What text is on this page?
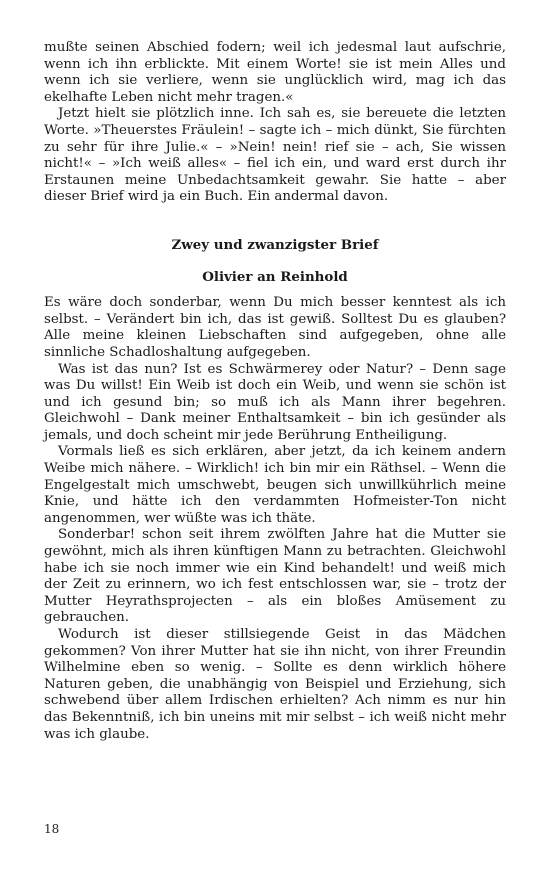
mußte seinen Abschied fodern; weil ich jedesmal laut aufschrie, wenn ich ihn erblickte. Mit einem Worte! sie ist mein Alles und wenn ich sie verliere, wenn sie unglücklich wird, mag ich das ekelhafte Leben nicht mehr tragen.«

Jetzt hielt sie plötzlich inne. Ich sah es, sie bereuete die letzten Worte. »Theuerstes Fräulein! – sagte ich – mich dünkt, Sie fürchten zu sehr für ihre Julie.« – »Nein! nein! rief sie – ach, Sie wissen nicht!« – »Ich weiß alles« – fiel ich ein, und ward erst durch ihr Erstaunen meine Unbedachtsamkeit gewahr. Sie hatte – aber dieser Brief wird ja ein Buch. Ein andermal davon.

Zwey und zwanzigster Brief
Olivier an Reinhold

Es wäre doch sonderbar, wenn Du mich besser kenntest als ich selbst. – Verändert bin ich, das ist gewiß. Solltest Du es glauben? Alle meine kleinen Liebschaften sind aufgegeben, ohne alle sinnliche Schadloshaltung aufgegeben.

Was ist das nun? Ist es Schwärmerey oder Natur? – Denn sage was Du willst! Ein Weib ist doch ein Weib, und wenn sie schön ist und ich gesund bin; so muß ich als Mann ihrer begehren. Gleichwohl – Dank meiner Enthaltsamkeit – bin ich gesünder als jemals, und doch scheint mir jede Berührung Entheiligung.

Vormals ließ es sich erklären, aber jetzt, da ich keinem andern Weibe mich nähere. – Wirklich! ich bin mir ein Räthsel. – Wenn die Engelgestalt mich umschwebt, beugen sich unwillkührlich meine Knie, und hätte ich den verdammten Hofmeister-Ton nicht angenommen, wer wüßte was ich thäte.

Sonderbar! schon seit ihrem zwölften Jahre hat die Mutter sie gewöhnt, mich als ihren künftigen Mann zu betrachten. Gleichwohl habe ich sie noch immer wie ein Kind behandelt! und weiß mich der Zeit zu erinnern, wo ich fest entschlossen war, sie – trotz der Mutter Heyrathsprojecten – als ein bloßes Amüsement zu gebrauchen.

Wodurch ist dieser stillsiegende Geist in das Mädchen gekommen? Von ihrer Mutter hat sie ihn nicht, von ihrer Freundin Wilhelmine eben so wenig. – Sollte es denn wirklich höhere Naturen geben, die unabhängig von Beispiel und Erziehung, sich schwebend über allem Irdischen erhielten? Ach nimm es nur hin das Bekenntniß, ich bin uneins mit mir selbst – ich weiß nicht mehr was ich glaube.

18
